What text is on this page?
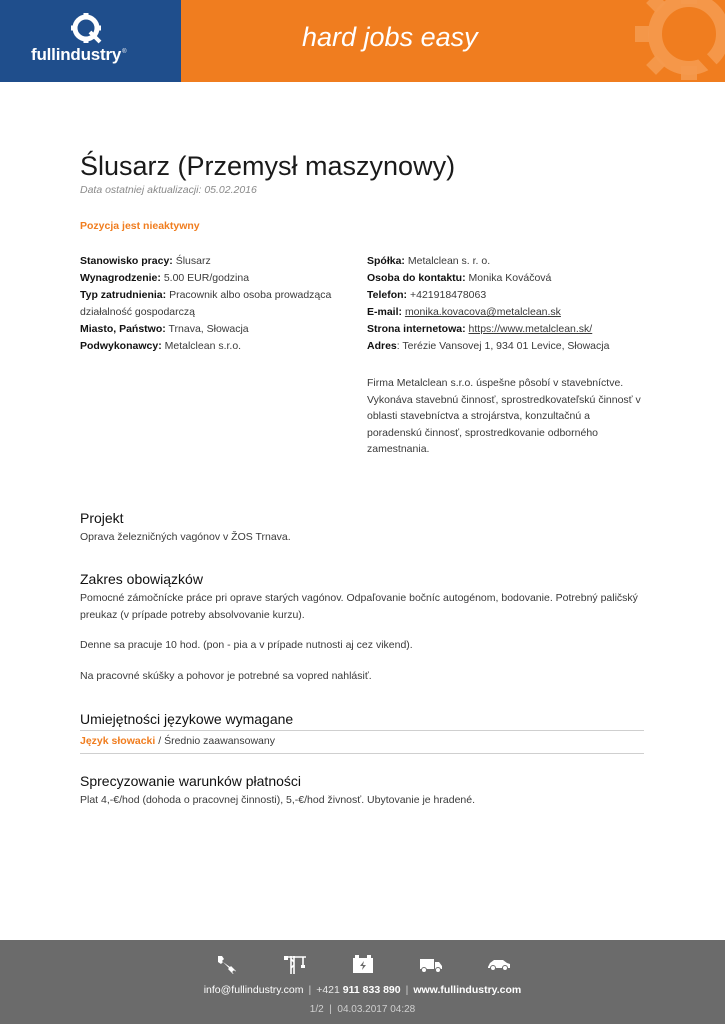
fullindustry®
hard jobs easy
Ślusarz (Przemysł maszynowy)
Data ostatniej aktualizacji: 05.02.2016
Pozycja jest nieaktywny
Stanowisko pracy: Ślusarz
Wynagrodzenie: 5.00 EUR/godzina
Typ zatrudnienia: Pracownik albo osoba prowadząca działalność gospodarczą
Miasto, Państwo: Trnava, Słowacja
Podwykonawcy: Metalclean s.r.o.
Spółka: Metalclean s. r. o.
Osoba do kontaktu: Monika Kováčová
Telefon: +421918478063
E-mail: monika.kovacova@metalclean.sk
Strona internetowa: https://www.metalclean.sk/
Adres: Terézie Vansovej 1, 934 01 Levice, Słowacja
Firma Metalclean s.r.o. úspešne pôsobí v stavebníctve. Vykonáva stavebnú činnosť, sprostredkovateľskú činnosť v oblasti stavebníctva a strojárstva, konzultačnú a poradenskú činnosť, sprostredkovanie odborného zamestnania.
Projekt
Oprava železničných vagónov v ŽOS Trnava.
Zakres obowiązków
Pomocné zámočnícke práce pri oprave starých vagónov. Odpaľovanie bočníc autogénom, bodovanie. Potrebný paličský preukaz (v prípade potreby absolvovanie kurzu).
Denne sa pracuje 10 hod. (pon - pia a v prípade nutnosti aj cez vikend).
Na pracovné skúšky a pohovor je potrebné sa vopred nahlásiť.
Umiejętności językowe wymagane
Język słowacki / Średnio zaawansowany
Sprecyzowanie warunków płatności
Plat 4,-€/hod (dohoda o pracovnej činnosti), 5,-€/hod živnosť. Ubytovanie je hradené.
info@fullindustry.com | +421 911 833 890 | www.fullindustry.com
1/2  |  04.03.2017 04:28
